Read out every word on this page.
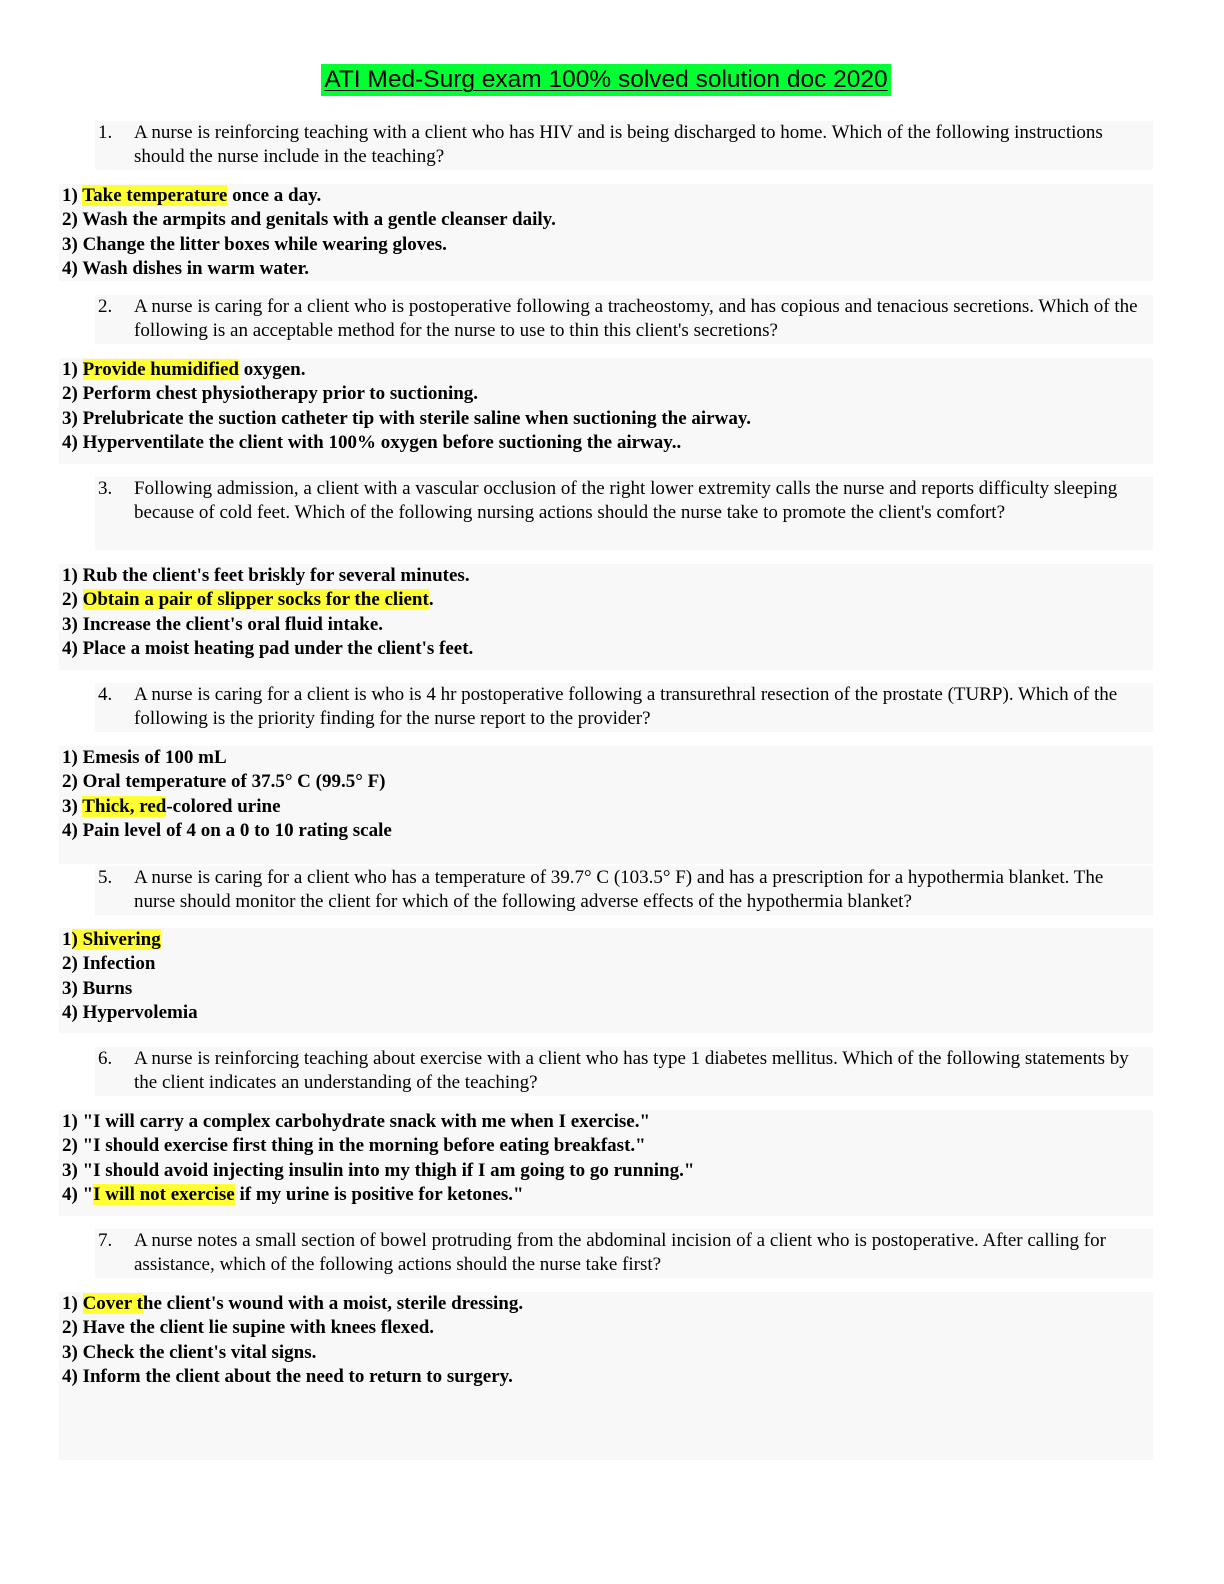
ATI Med-Surg exam 100% solved solution doc 2020
1. A nurse is reinforcing teaching with a client who has HIV and is being discharged to home. Which of the following instructions should the nurse include in the teaching?
1) Take temperature once a day.
2) Wash the armpits and genitals with a gentle cleanser daily.
3) Change the litter boxes while wearing gloves.
4) Wash dishes in warm water.
2. A nurse is caring for a client who is postoperative following a tracheostomy, and has copious and tenacious secretions. Which of the following is an acceptable method for the nurse to use to thin this client's secretions?
1) Provide humidified oxygen.
2) Perform chest physiotherapy prior to suctioning.
3) Prelubricate the suction catheter tip with sterile saline when suctioning the airway.
4) Hyperventilate the client with 100% oxygen before suctioning the airway..
3. Following admission, a client with a vascular occlusion of the right lower extremity calls the nurse and reports difficulty sleeping because of cold feet. Which of the following nursing actions should the nurse take to promote the client's comfort?
1) Rub the client's feet briskly for several minutes.
2) Obtain a pair of slipper socks for the client.
3) Increase the client's oral fluid intake.
4) Place a moist heating pad under the client's feet.
4. A nurse is caring for a client is who is 4 hr postoperative following a transurethral resection of the prostate (TURP). Which of the following is the priority finding for the nurse report to the provider?
1) Emesis of 100 mL
2) Oral temperature of 37.5° C (99.5° F)
3) Thick, red-colored urine
4) Pain level of 4 on a 0 to 10 rating scale
5. A nurse is caring for a client who has a temperature of 39.7° C (103.5° F) and has a prescription for a hypothermia blanket. The nurse should monitor the client for which of the following adverse effects of the hypothermia blanket?
1) Shivering
2) Infection
3) Burns
4) Hypervolemia
6. A nurse is reinforcing teaching about exercise with a client who has type 1 diabetes mellitus. Which of the following statements by the client indicates an understanding of the teaching?
1) "I will carry a complex carbohydrate snack with me when I exercise."
2) "I should exercise first thing in the morning before eating breakfast."
3) "I should avoid injecting insulin into my thigh if I am going to go running."
4) "I will not exercise if my urine is positive for ketones."
7. A nurse notes a small section of bowel protruding from the abdominal incision of a client who is postoperative. After calling for assistance, which of the following actions should the nurse take first?
1) Cover the client's wound with a moist, sterile dressing.
2) Have the client lie supine with knees flexed.
3) Check the client's vital signs.
4) Inform the client about the need to return to surgery.
